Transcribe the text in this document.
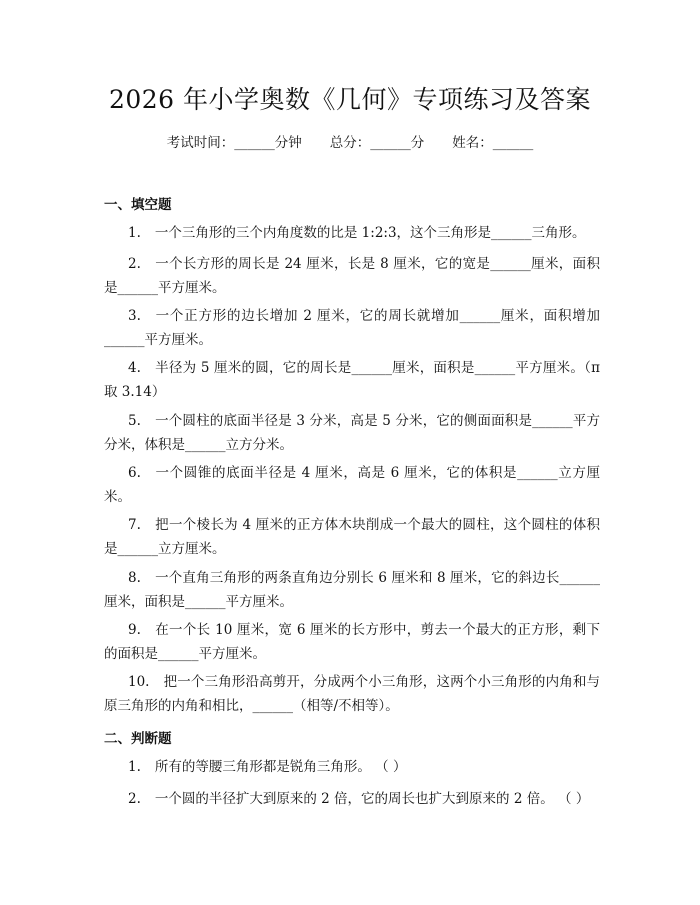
2026 年小学奥数《几何》专项练习及答案
考试时间：______分钟 总分：______分 姓名：______
一、填空题
1. 一个三角形的三个内角度数的比是 1:2:3，这个三角形是______三角形。
2. 一个长方形的周长是 24 厘米，长是 8 厘米，它的宽是______厘米，面积是______平方厘米。
3. 一个正方形的边长增加 2 厘米，它的周长就增加______厘米，面积增加______平方厘米。
4. 半径为 5 厘米的圆，它的周长是______厘米，面积是______平方厘米。（π 取 3.14）
5. 一个圆柱的底面半径是 3 分米，高是 5 分米，它的侧面面积是______平方分米，体积是______立方分米。
6. 一个圆锥的底面半径是 4 厘米，高是 6 厘米，它的体积是______立方厘米。
7. 把一个棱长为 4 厘米的正方体木块削成一个最大的圆柱，这个圆柱的体积是______立方厘米。
8. 一个直角三角形的两条直角边分别长 6 厘米和 8 厘米，它的斜边长______厘米，面积是______平方厘米。
9. 在一个长 10 厘米，宽 6 厘米的长方形中，剪去一个最大的正方形，剩下的面积是______平方厘米。
10. 把一个三角形沿高剪开，分成两个小三角形，这两个小三角形的内角和与原三角形的内角和相比，______（相等/不相等）。
二、判断题
1. 所有的等腰三角形都是锐角三角形。 （ ）
2. 一个圆的半径扩大到原来的 2 倍，它的周长也扩大到原来的 2 倍。 （ ）
